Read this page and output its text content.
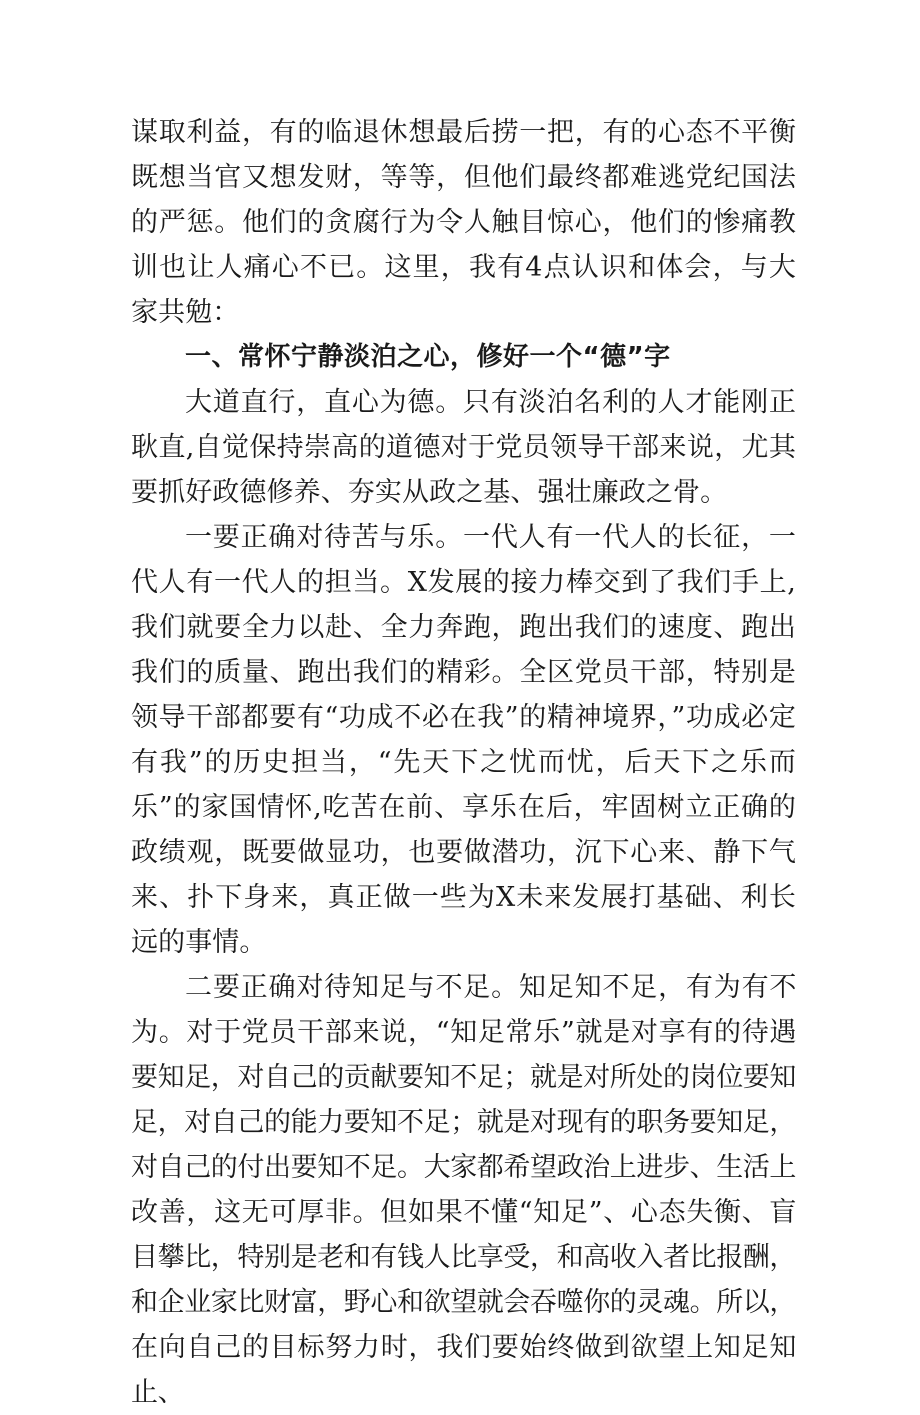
谋取利益，有的临退休想最后捞一把，有的心态不平衡既想当官又想发财，等等，但他们最终都难逃党纪国法的严惩。他们的贪腐行为令人触目惊心，他们的惨痛教训也让人痛心不已。这里，我有4点认识和体会，与大家共勉：

一、常怀宁静淡泊之心，修好一个“德”字

大道直行，直心为德。只有淡泊名利的人才能刚正耿直,自觉保持崇高的道德对于党员领导干部来说，尤其要抓好政德修养、夯实从政之基、强壮廉政之骨。

一要正确对待苦与乐。一代人有一代人的长征，一代人有一代人的担当。X发展的接力棒交到了我们手上,我们就要全力以赴、全力奔跑，跑出我们的速度、跑出我们的质量、跑出我们的精彩。全区党员干部，特别是领导干部都要有“功成不必在我”的精神境界，”功成必定有我”的历史担当，“先天下之忧而忧，后天下之乐而乐”的家国情怀,吃苦在前、享乐在后，牢固树立正确的政绩观，既要做显功，也要做潜功，沉下心来、静下气来、扑下身来，真正做一些为X未来发展打基础、利长远的事情。

二要正确对待知足与不足。知足知不足，有为有不为。对于党员干部来说，“知足常乐”就是对享有的待遇要知足，对自己的贡献要知不足；就是对所处的岗位要知足，对自己的能力要知不足；就是对现有的职务要知足，对自己的付出要知不足。大家都希望政治上进步、生活上改善，这无可厚非。但如果不懂“知足”、心态失衡、盲目攀比，特别是老和有钱人比享受，和高收入者比报酬，和企业家比财富，野心和欲望就会吞噬你的灵魂。所以，在向自己的目标努力时，我们要始终做到欲望上知足知止、
